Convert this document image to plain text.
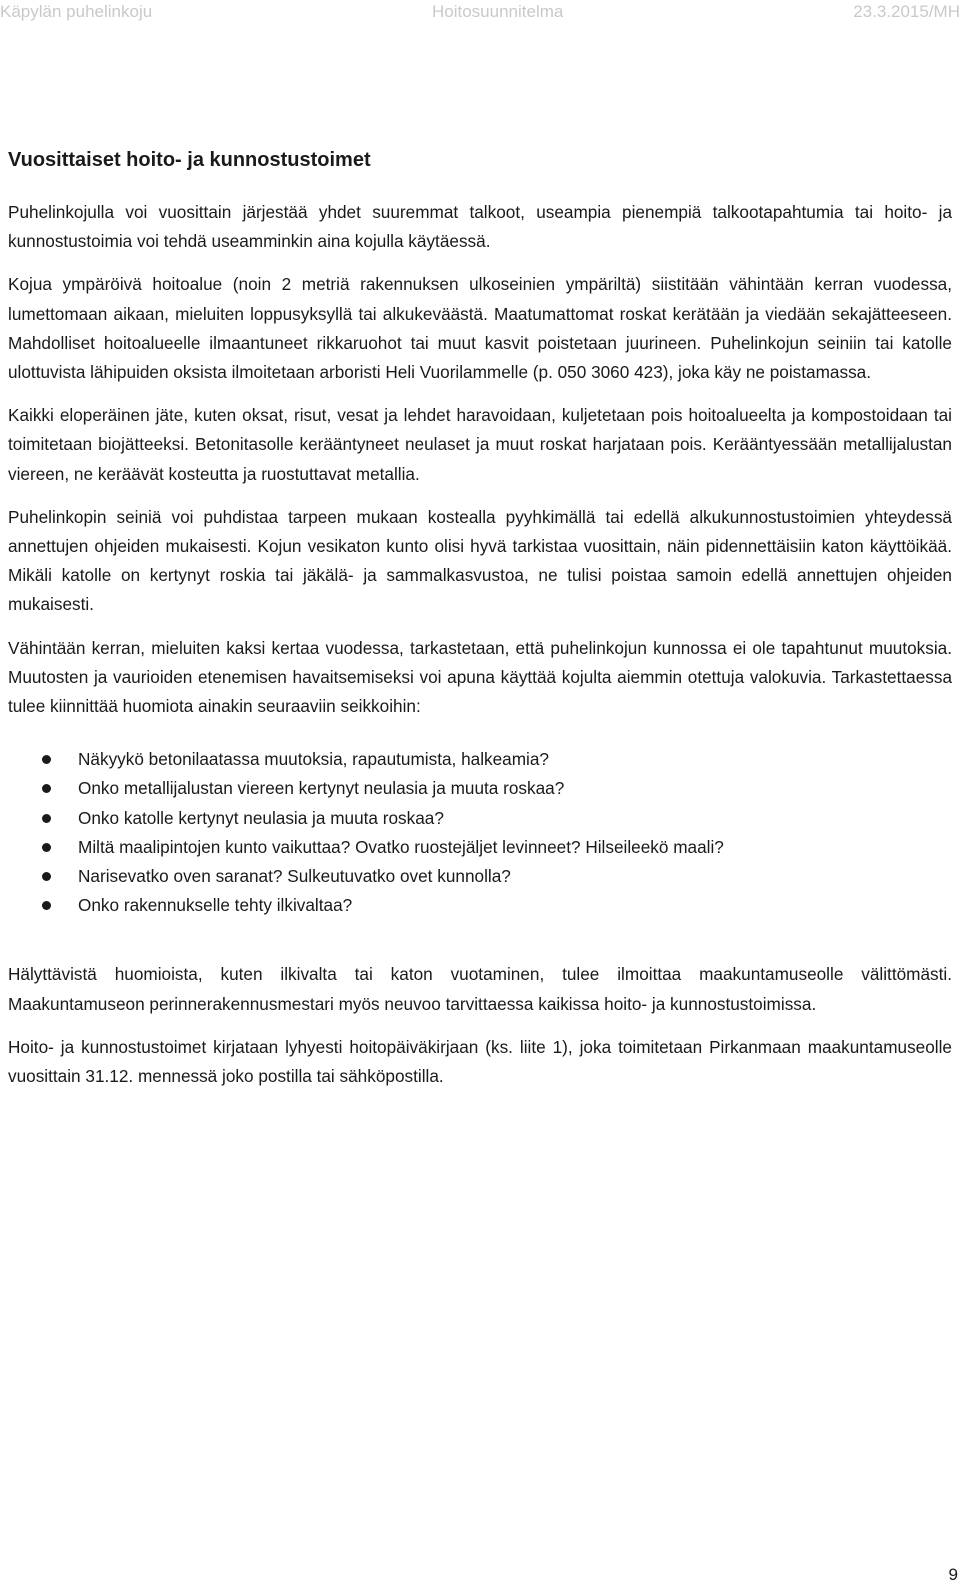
Käpylän puhelinkoju	Hoitosuunnitelma	23.3.2015/MH
Vuosittaiset hoito- ja kunnostustoimet

Puhelinkojulla voi vuosittain järjestää yhdet suuremmat talkoot, useampia pienempiä talkootapahtumia tai hoito- ja kunnostustoimia voi tehdä useamminkin aina kojulla käytäessä.

Kojua ympäröivä hoitoalue (noin 2 metriä rakennuksen ulkoseinien ympäriltä) siistitään vähintään kerran vuodessa, lumettomaan aikaan, mieluiten loppusyksyllä tai alkukeväästä. Maatumattomat roskat kerätään ja viedään sekajätteeseen. Mahdolliset hoitoalueelle ilmaantuneet rikkaruohot tai muut kasvit poistetaan juurineen. Puhelinkojun seiniin tai katolle ulottuvista lähipuiden oksista ilmoitetaan arboristi Heli Vuorilammelle (p. 050 3060 423), joka käy ne poistamassa.

Kaikki eloperäinen jäte, kuten oksat, risut, vesat ja lehdet haravoidaan, kuljetetaan pois hoitoalueelta ja kompostoidaan tai toimitetaan biojätteeksi. Betonitasolle kerääntyneet neulaset ja muut roskat harjataan pois. Kerääntyessään metallijalustan viereen, ne keräävät kosteutta ja ruostuttavat metallia.

Puhelinkopin seiniä voi puhdistaa tarpeen mukaan kostealla pyyhkimällä tai edellä alkukunnostustoimien yhteydessä annettujen ohjeiden mukaisesti. Kojun vesikaton kunto olisi hyvä tarkistaa vuosittain, näin pidennettäisiin katon käyttöikää. Mikäli katolle on kertynyt roskia tai jäkälä- ja sammalkasvustoa, ne tulisi poistaa samoin edellä annettujen ohjeiden mukaisesti.

Vähintään kerran, mieluiten kaksi kertaa vuodessa, tarkastetaan, että puhelinkojun kunnossa ei ole tapahtunut muutoksia. Muutosten ja vaurioiden etenemisen havaitsemiseksi voi apuna käyttää kojulta aiemmin otettuja valokuvia. Tarkastettaessa tulee kiinnittää huomiota ainakin seuraaviin seikkoihin:

Näkyykö betonilaatassa muutoksia, rapautumista, halkeamia?
Onko metallijalustan viereen kertynyt neulasia ja muuta roskaa?
Onko katolle kertynyt neulasia ja muuta roskaa?
Miltä maalipintojen kunto vaikuttaa? Ovatko ruostejäljet levinneet? Hilseileekö maali?
Narisevatko oven saranat? Sulkeutuvatko ovet kunnolla?
Onko rakennukselle tehty ilkivaltaa?

Hälyttävistä huomioista, kuten ilkivalta tai katon vuotaminen, tulee ilmoittaa maakuntamuseolle välittömästi. Maakuntamuseon perinnerakennusmestari myös neuvoo tarvittaessa kaikissa hoito- ja kunnostustoimissa.

Hoito- ja kunnostustoimet kirjataan lyhyesti hoitopäiväkirjaan (ks. liite 1), joka toimitetaan Pirkanmaan maakuntamuseolle vuosittain 31.12. mennessä joko postilla tai sähköpostilla.

9
